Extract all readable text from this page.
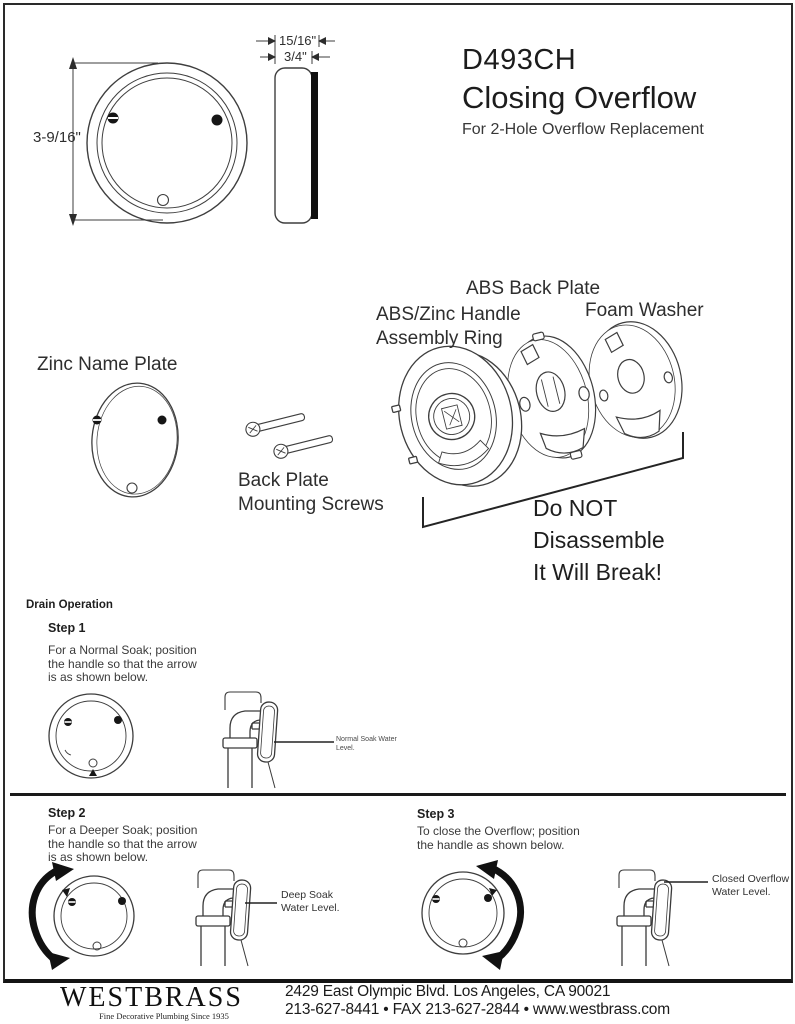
3-9/16"
15/16"
3/4"	D493CH
Closing Overflow
For 2-Hole Overflow Replacement
ABS Back Plate
ABS/Zinc Handle
Assembly Ring
Foam Washer
Zinc Name Plate
Back Plate
Mounting Screws	Do NOT
Disassemble
It Will Break!
Drain Operation
Step 1
For a Normal Soak; position
the handle so that the arrow
is as shown below.
Normal Soak Water
Level.
Step 2
For a Deeper Soak; position
the handle so that the arrow
is as shown below.
Deep Soak
Water Level.
Step 3
To close the Overflow; position
the handle as shown below.
Closed Overflow
Water Level.
WESTBRASS
Fine Decorative Plumbing Since 1935
2429 East Olympic Blvd. Los Angeles, CA 90021
213-627-8441 • FAX 213-627-2844 • www.westbrass.com
